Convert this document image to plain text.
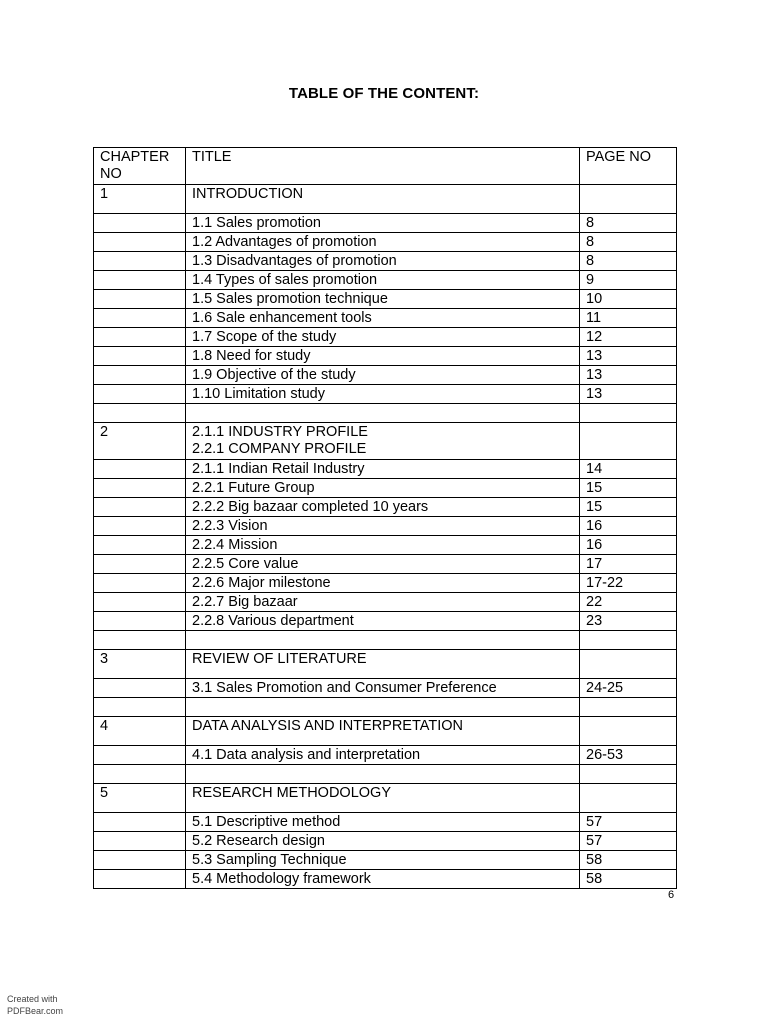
TABLE OF THE CONTENT:
CHAPTER NO	TITLE	PAGE NO
1	INTRODUCTION	

	1.1 Sales promotion	8
	1.2 Advantages of promotion	8
	1.3 Disadvantages of promotion	8
	1.4 Types of sales promotion	9
	1.5 Sales promotion technique	10
	1.6 Sale enhancement tools	11
	1.7 Scope of the study	12
	1.8 Need for study	13
	1.9 Objective of the study	13
	1.10 Limitation study	13

2	2.1.1 INDUSTRY PROFILE
2.2.1 COMPANY PROFILE	

	2.1.1 Indian Retail Industry	14
	2.2.1 Future Group	15
	2.2.2 Big bazaar completed 10 years	15
	2.2.3 Vision	16
	2.2.4 Mission	16
	2.2.5 Core value	17
	2.2.6 Major milestone	17-22
	2.2.7 Big bazaar	22
	2.2.8 Various department	23

3	REVIEW OF LITERATURE	

	3.1 Sales Promotion and Consumer Preference	24-25

4	DATA ANALYSIS AND INTERPRETATION	

	4.1 Data analysis and interpretation	26-53

5	RESEARCH METHODOLOGY	

	5.1 Descriptive method	57
	5.2 Research design	57
	5.3 Sampling Technique	58
	5.4 Methodology framework	58
6
Created with
PDFBear.com
